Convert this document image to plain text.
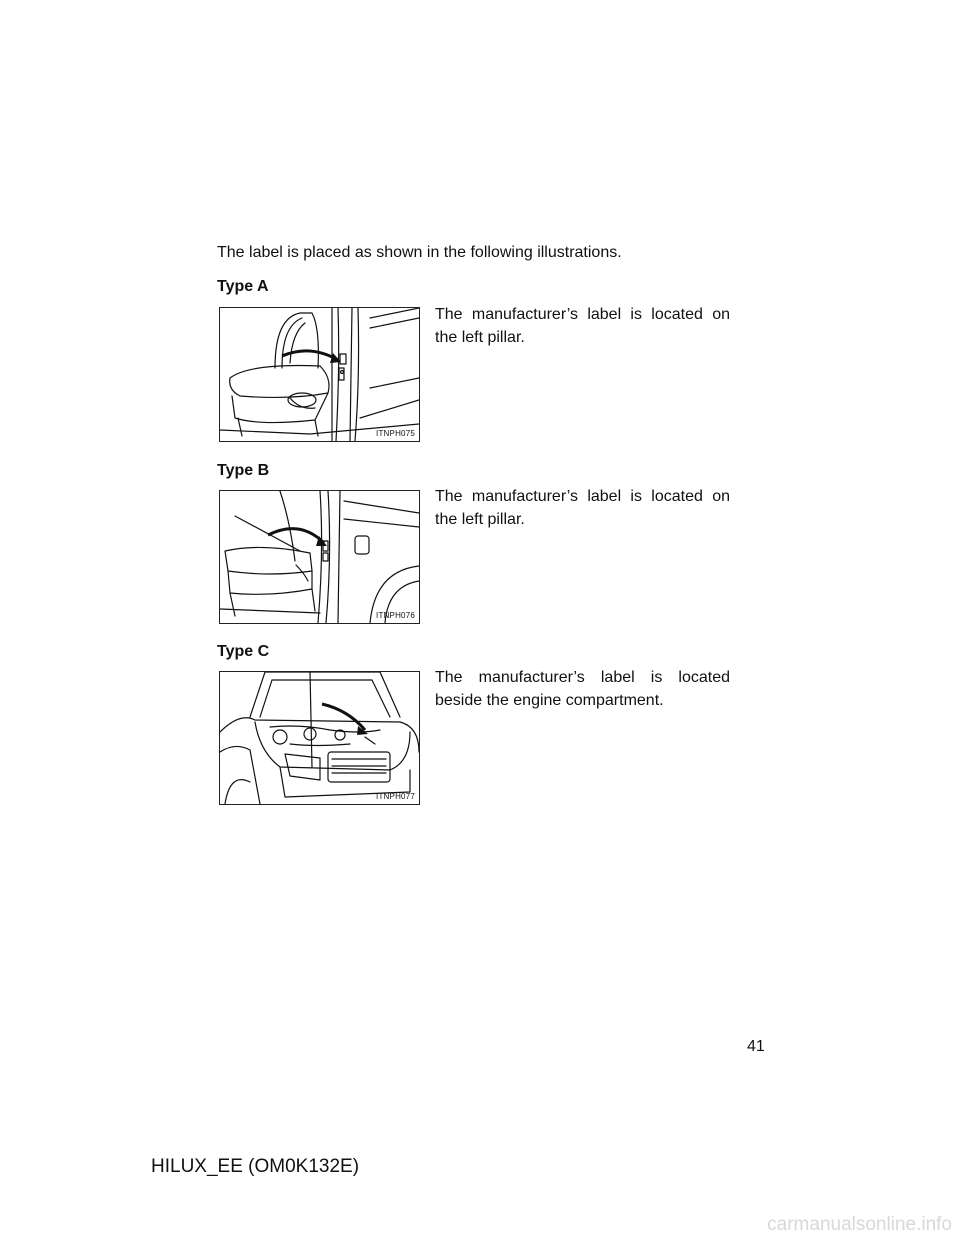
The label is placed as shown in the following illustrations.
Type A
ITNPH075
The manufacturer’s label is located on the left pillar.
Type B
ITNPH076
The manufacturer’s label is located on the left pillar.
Type C
ITNPH077
The manufacturer’s label is located beside the engine compartment.
41
HILUX_EE (OM0K132E)
carmanualsonline.info
